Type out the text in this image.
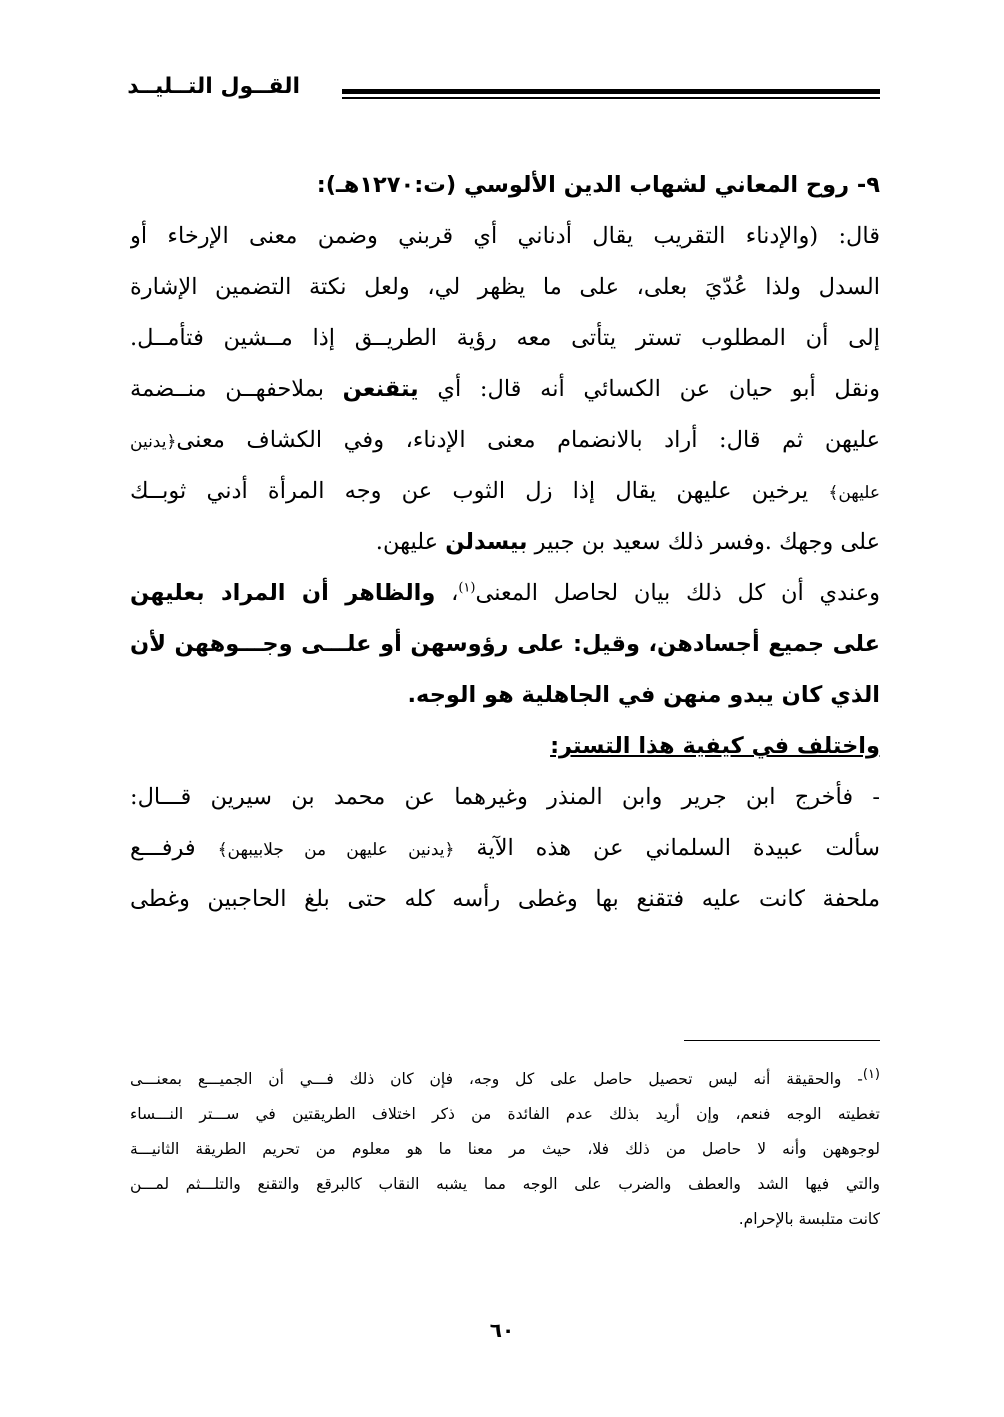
القــول التــليــد
٩- روح المعاني لشهاب الدين الألوسي (ت:١٢٧٠هـ):
قال: (والإدناء التقريب يقال أدناني أي قربني وضمن معنى الإرخاء أو
السدل ولذا عُدّيَ بعلى، على ما يظهر لي، ولعل نكتة التضمين الإشارة
إلى أن المطلوب تستر يتأتى معه رؤية الطريــق إذا مــشين فتأمــل.
ونقل أبو حيان عن الكسائي أنه قال: أي يتقنعن بملاحفهــن منــضمة
عليهن ثم قال: أراد بالانضمام معنى الإدناء، وفي الكشاف معنى﴿يدنين
عليهن﴾ يرخين عليهن يقال إذا زل الثوب عن وجه المرأة أدني ثوبــك
على وجهك .وفسر ذلك سعيد بن جبير بيسدلن عليهن.
وعندي أن كل ذلك بيان لحاصل المعنى$^{(١)}$، والظاهر أن المراد بعليهن
على جميع أجسادهن، وقيل: على رؤوسهن أو علـــى وجـــوههن لأن
الذي كان يبدو منهن في الجاهلية هو الوجه.
واختلف في كيفية هذا التستر:
- فأخرج ابن جرير وابن المنذر وغيرهما عن محمد بن سيرين قـــال:
سألت عبيدة السلماني عن هذه الآية ﴿يدنين عليهن من جلابيبهن﴾ فرفـــع
ملحفة كانت عليه فتقنع بها وغطى رأسه كله حتى بلغ الحاجبين وغطى
$^{(١)}$- والحقيقة أنه ليس تحصيل حاصل على كل وجه، فإن كان ذلك فـــي أن الجميـــع بمعنـــى
تغطيته الوجه فنعم، وإن أريد بذلك عدم الفائدة من ذكر اختلاف الطريقتين في ســـتر النـــساء
لوجوههن وأنه لا حاصل من ذلك فلا، حيث مر معنا ما هو معلوم من تحريم الطريقة الثانيـــة
والتي فيها الشد والعطف والضرب على الوجه مما يشبه النقاب كالبرقع والتقنع والتلـــثم لمـــن
كانت متلبسة بالإحرام.
٦٠
